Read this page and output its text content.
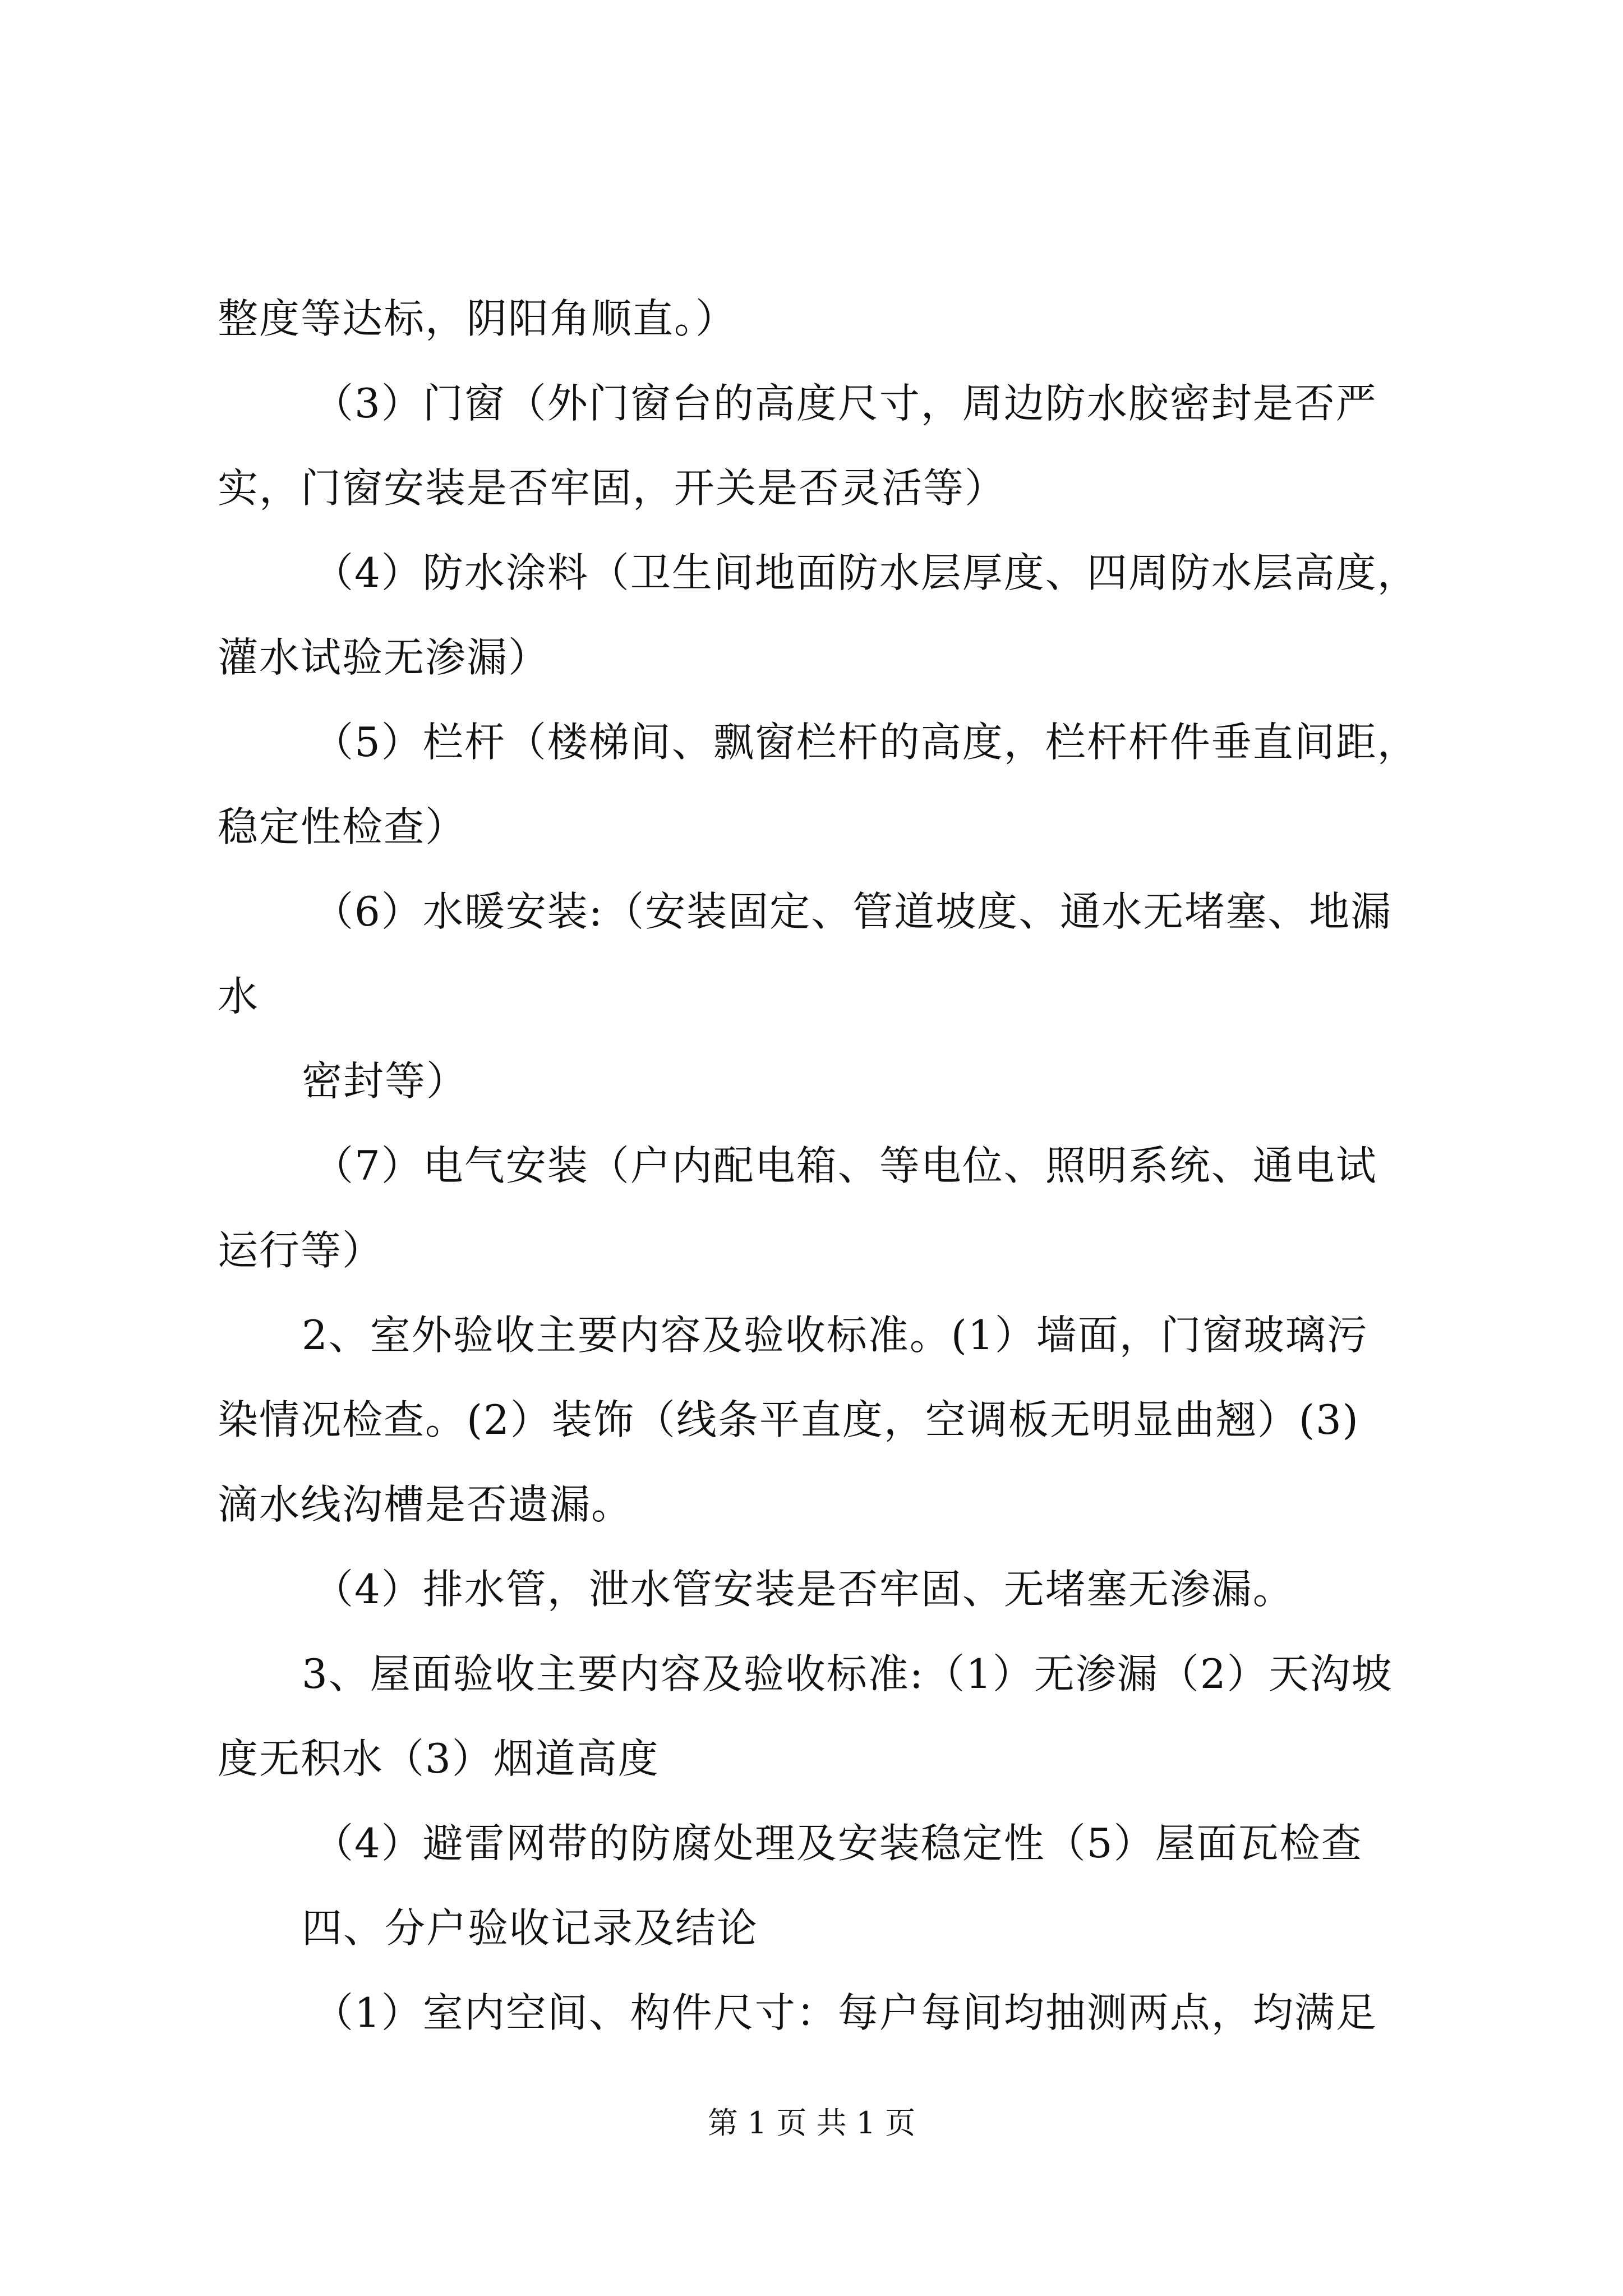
整度等达标，阴阳角顺直。）
（3）门窗（外门窗台的高度尺寸，周边防水胶密封是否严
实，门窗安装是否牢固，开关是否灵活等）
（4）防水涂料（卫生间地面防水层厚度、四周防水层高度，
灌水试验无渗漏）
（5）栏杆（楼梯间、飘窗栏杆的高度，栏杆杆件垂直间距，
稳定性检查）
（6）水暖安装:（安装固定、管道坡度、通水无堵塞、地漏
水
密封等）
（7）电气安装（户内配电箱、等电位、照明系统、通电试
运行等）
2、室外验收主要内容及验收标准。(1）墙面，门窗玻璃污
染情况检查。(2）装饰（线条平直度，空调板无明显曲翘）(3)
滴水线沟槽是否遗漏。
（4）排水管，泄水管安装是否牢固、无堵塞无渗漏。
3、屋面验收主要内容及验收标准:（1）无渗漏（2）天沟坡
度无积水（3）烟道高度
（4）避雷网带的防腐处理及安装稳定性（5）屋面瓦检查
四、分户验收记录及结论
（1）室内空间、构件尺寸：每户每间均抽测两点，均满足
第 1 页 共 1 页
